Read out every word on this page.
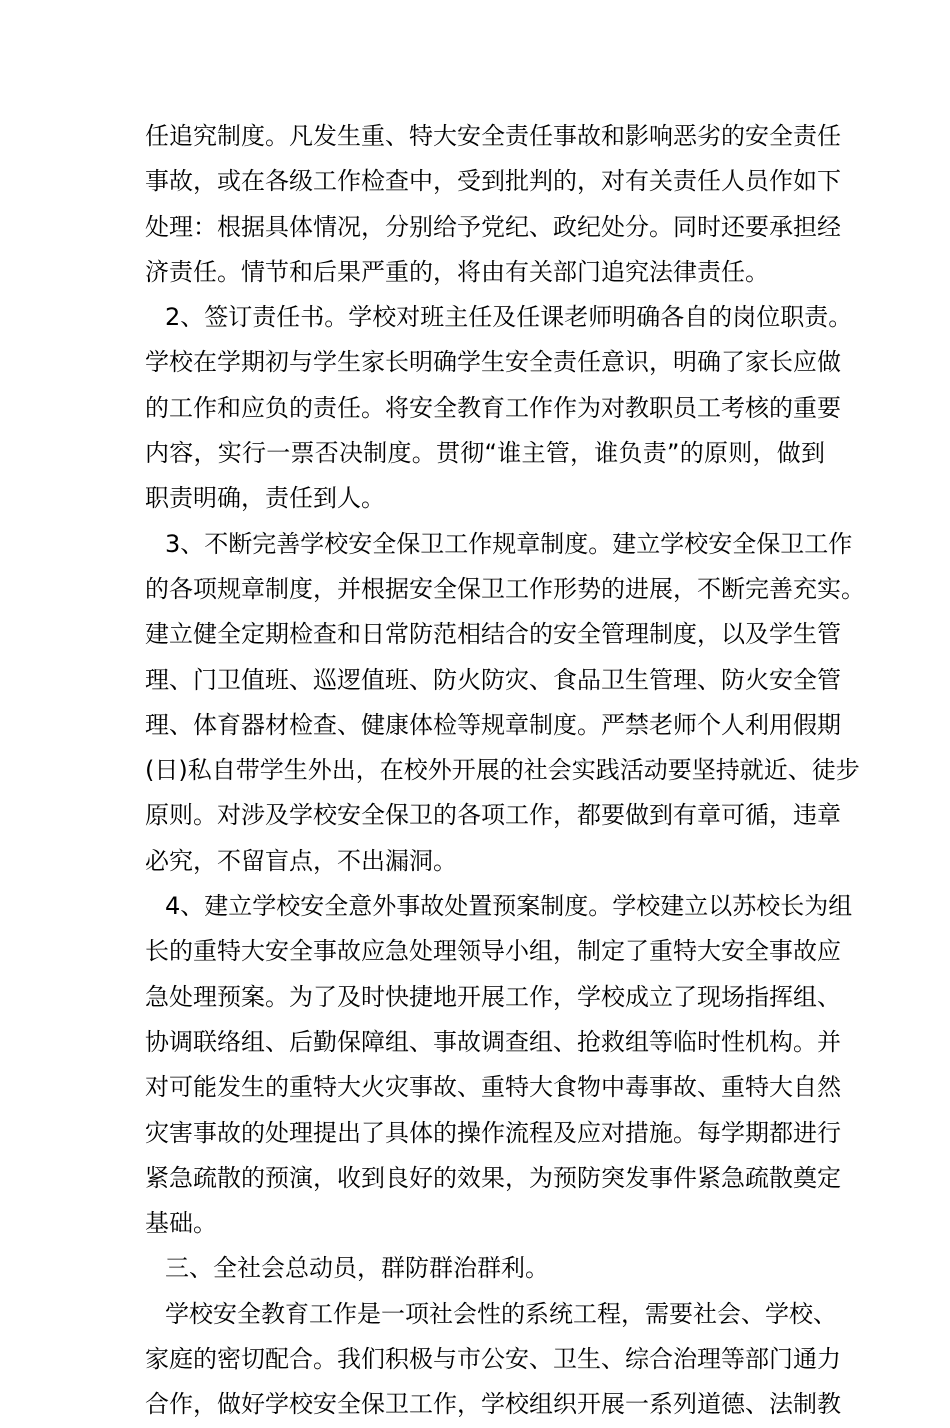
任追究制度。凡发生重、特大安全责任事故和影响恶劣的安全责任
事故，或在各级工作检查中，受到批判的，对有关责任人员作如下
处理：根据具体情况，分别给予党纪、政纪处分。同时还要承担经
济责任。情节和后果严重的，将由有关部门追究法律责任。
2、签订责任书。学校对班主任及任课老师明确各自的岗位职责。
学校在学期初与学生家长明确学生安全责任意识，明确了家长应做
的工作和应负的责任。将安全教育工作作为对教职员工考核的重要
内容，实行一票否决制度。贯彻“谁主管，谁负责”的原则，做到
职责明确，责任到人。
3、不断完善学校安全保卫工作规章制度。建立学校安全保卫工作
的各项规章制度，并根据安全保卫工作形势的进展，不断完善充实。
建立健全定期检查和日常防范相结合的安全管理制度，以及学生管
理、门卫值班、巡逻值班、防火防灾、食品卫生管理、防火安全管
理、体育器材检查、健康体检等规章制度。严禁老师个人利用假期
(日)私自带学生外出，在校外开展的社会实践活动要坚持就近、徒步
原则。对涉及学校安全保卫的各项工作，都要做到有章可循，违章
必究，不留盲点，不出漏洞。
4、建立学校安全意外事故处置预案制度。学校建立以苏校长为组
长的重特大安全事故应急处理领导小组，制定了重特大安全事故应
急处理预案。为了及时快捷地开展工作，学校成立了现场指挥组、
协调联络组、后勤保障组、事故调查组、抢救组等临时性机构。并
对可能发生的重特大火灾事故、重特大食物中毒事故、重特大自然
灾害事故的处理提出了具体的操作流程及应对措施。每学期都进行
紧急疏散的预演，收到良好的效果，为预防突发事件紧急疏散奠定
基础。
三、全社会总动员，群防群治群利。
学校安全教育工作是一项社会性的系统工程，需要社会、学校、
家庭的密切配合。我们积极与市公安、卫生、综合治理等部门通力
合作，做好学校安全保卫工作，学校组织开展一系列道德、法制教
